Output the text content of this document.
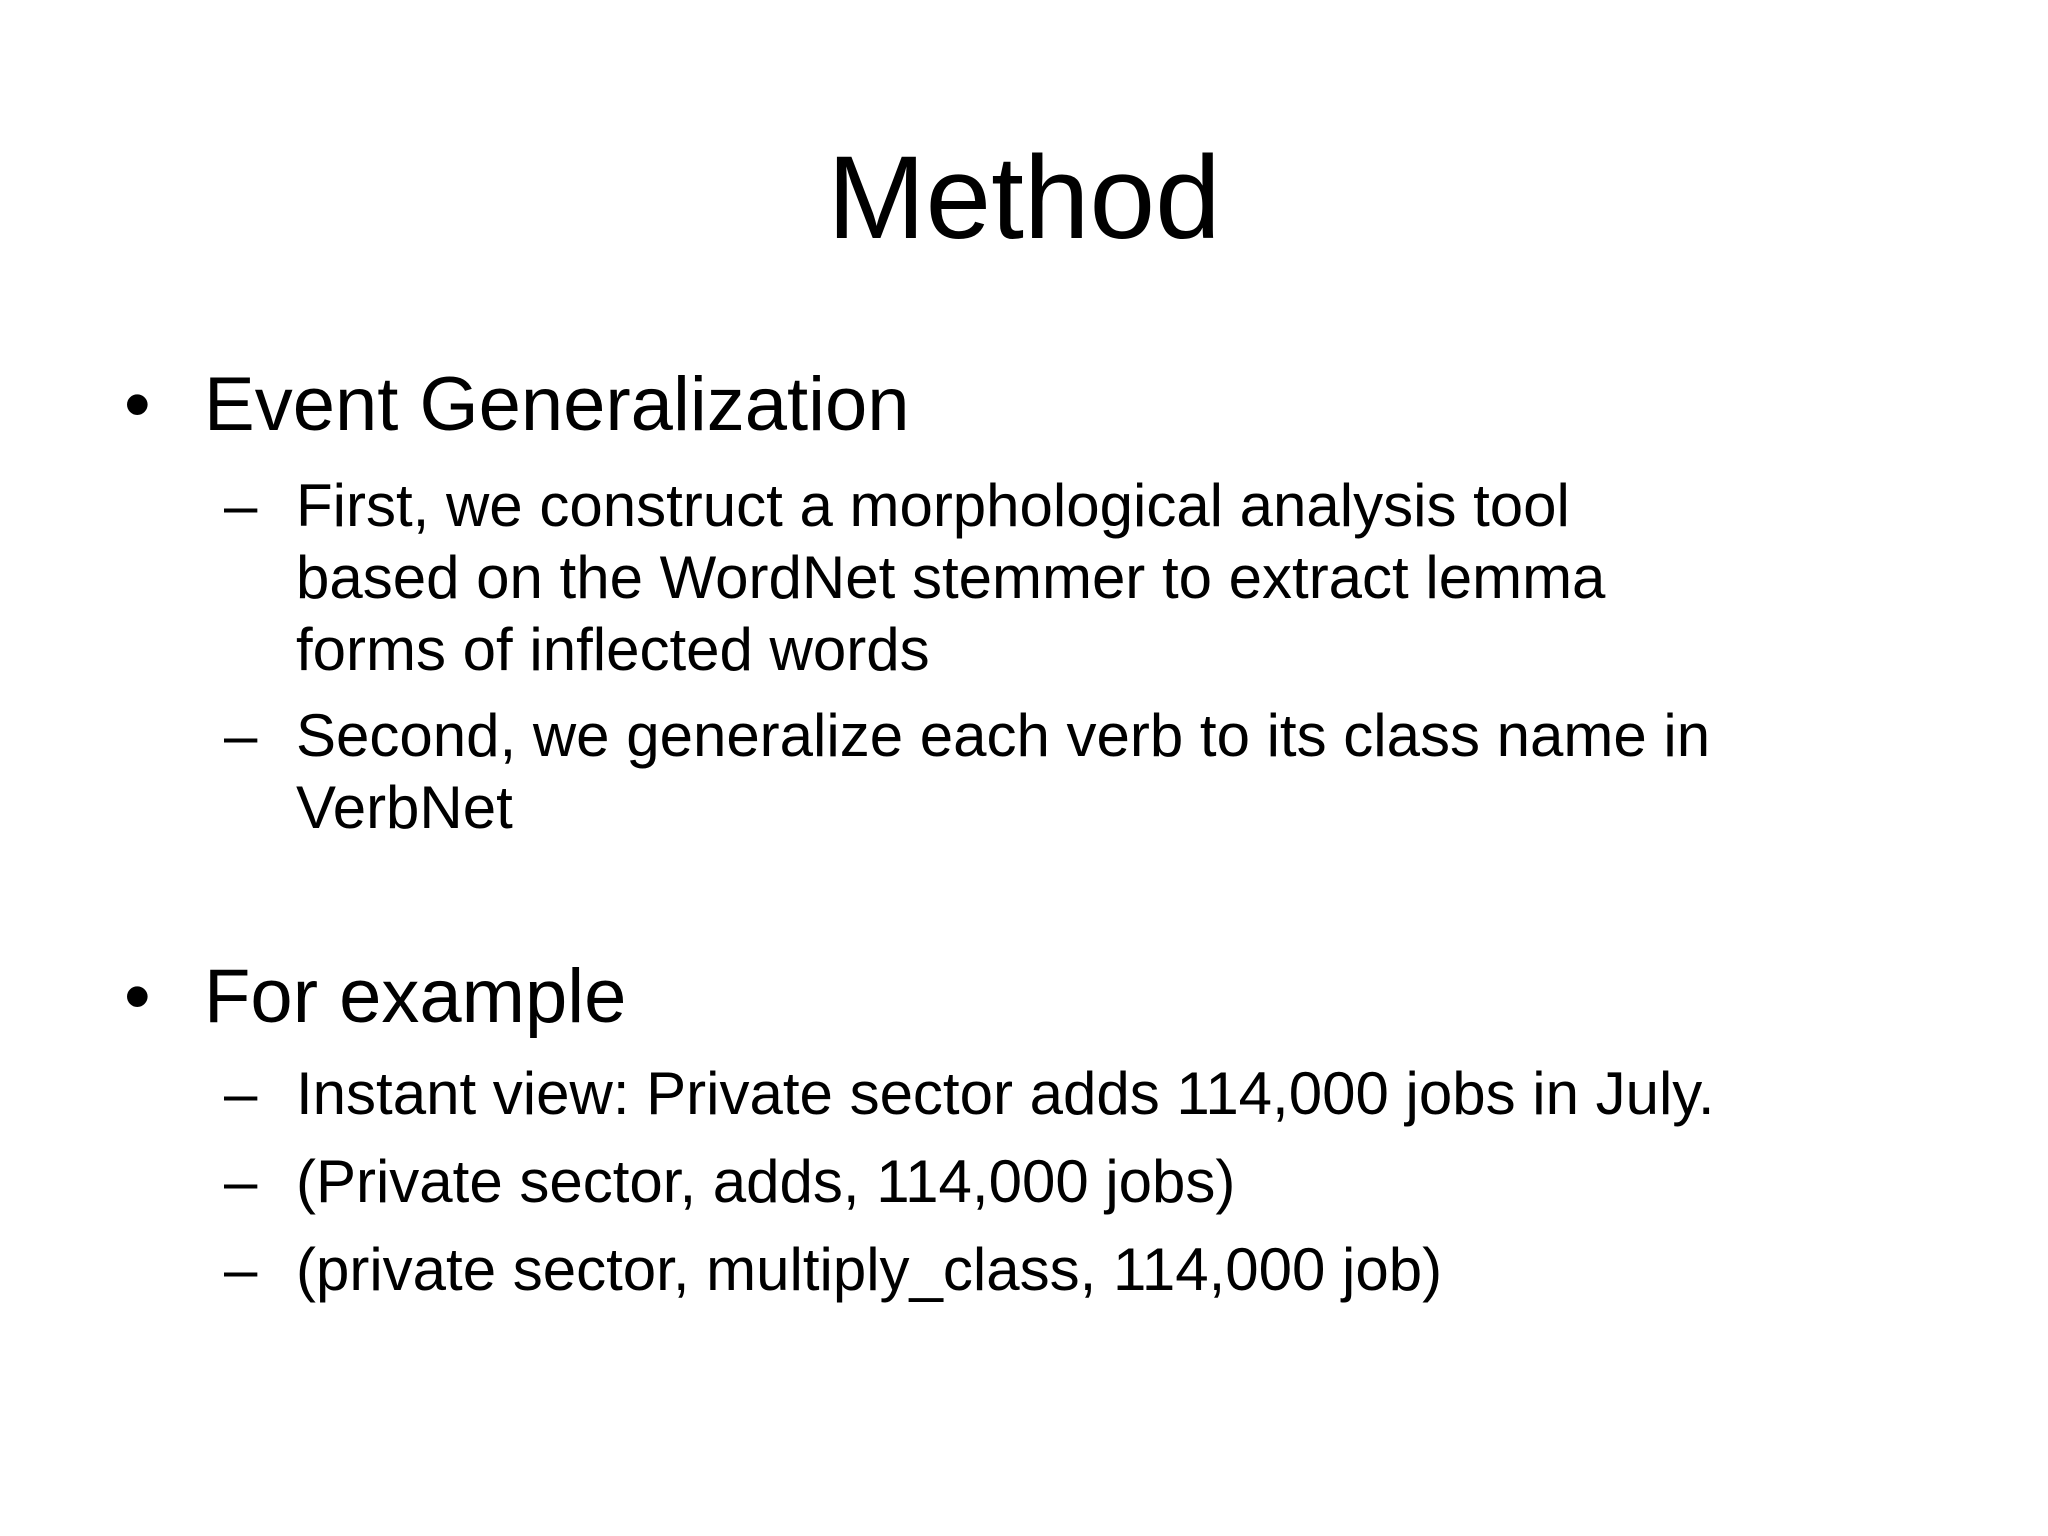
Method
• Event Generalization
– First, we construct a morphological analysis tool
based on the WordNet stemmer to extract lemma
forms of inflected words
– Second, we generalize each verb to its class name in
VerbNet
• For example
– Instant view: Private sector adds 114,000 jobs in July.
– (Private sector, adds, 114,000 jobs)
– (private sector, multiply_class, 114,000 job)
